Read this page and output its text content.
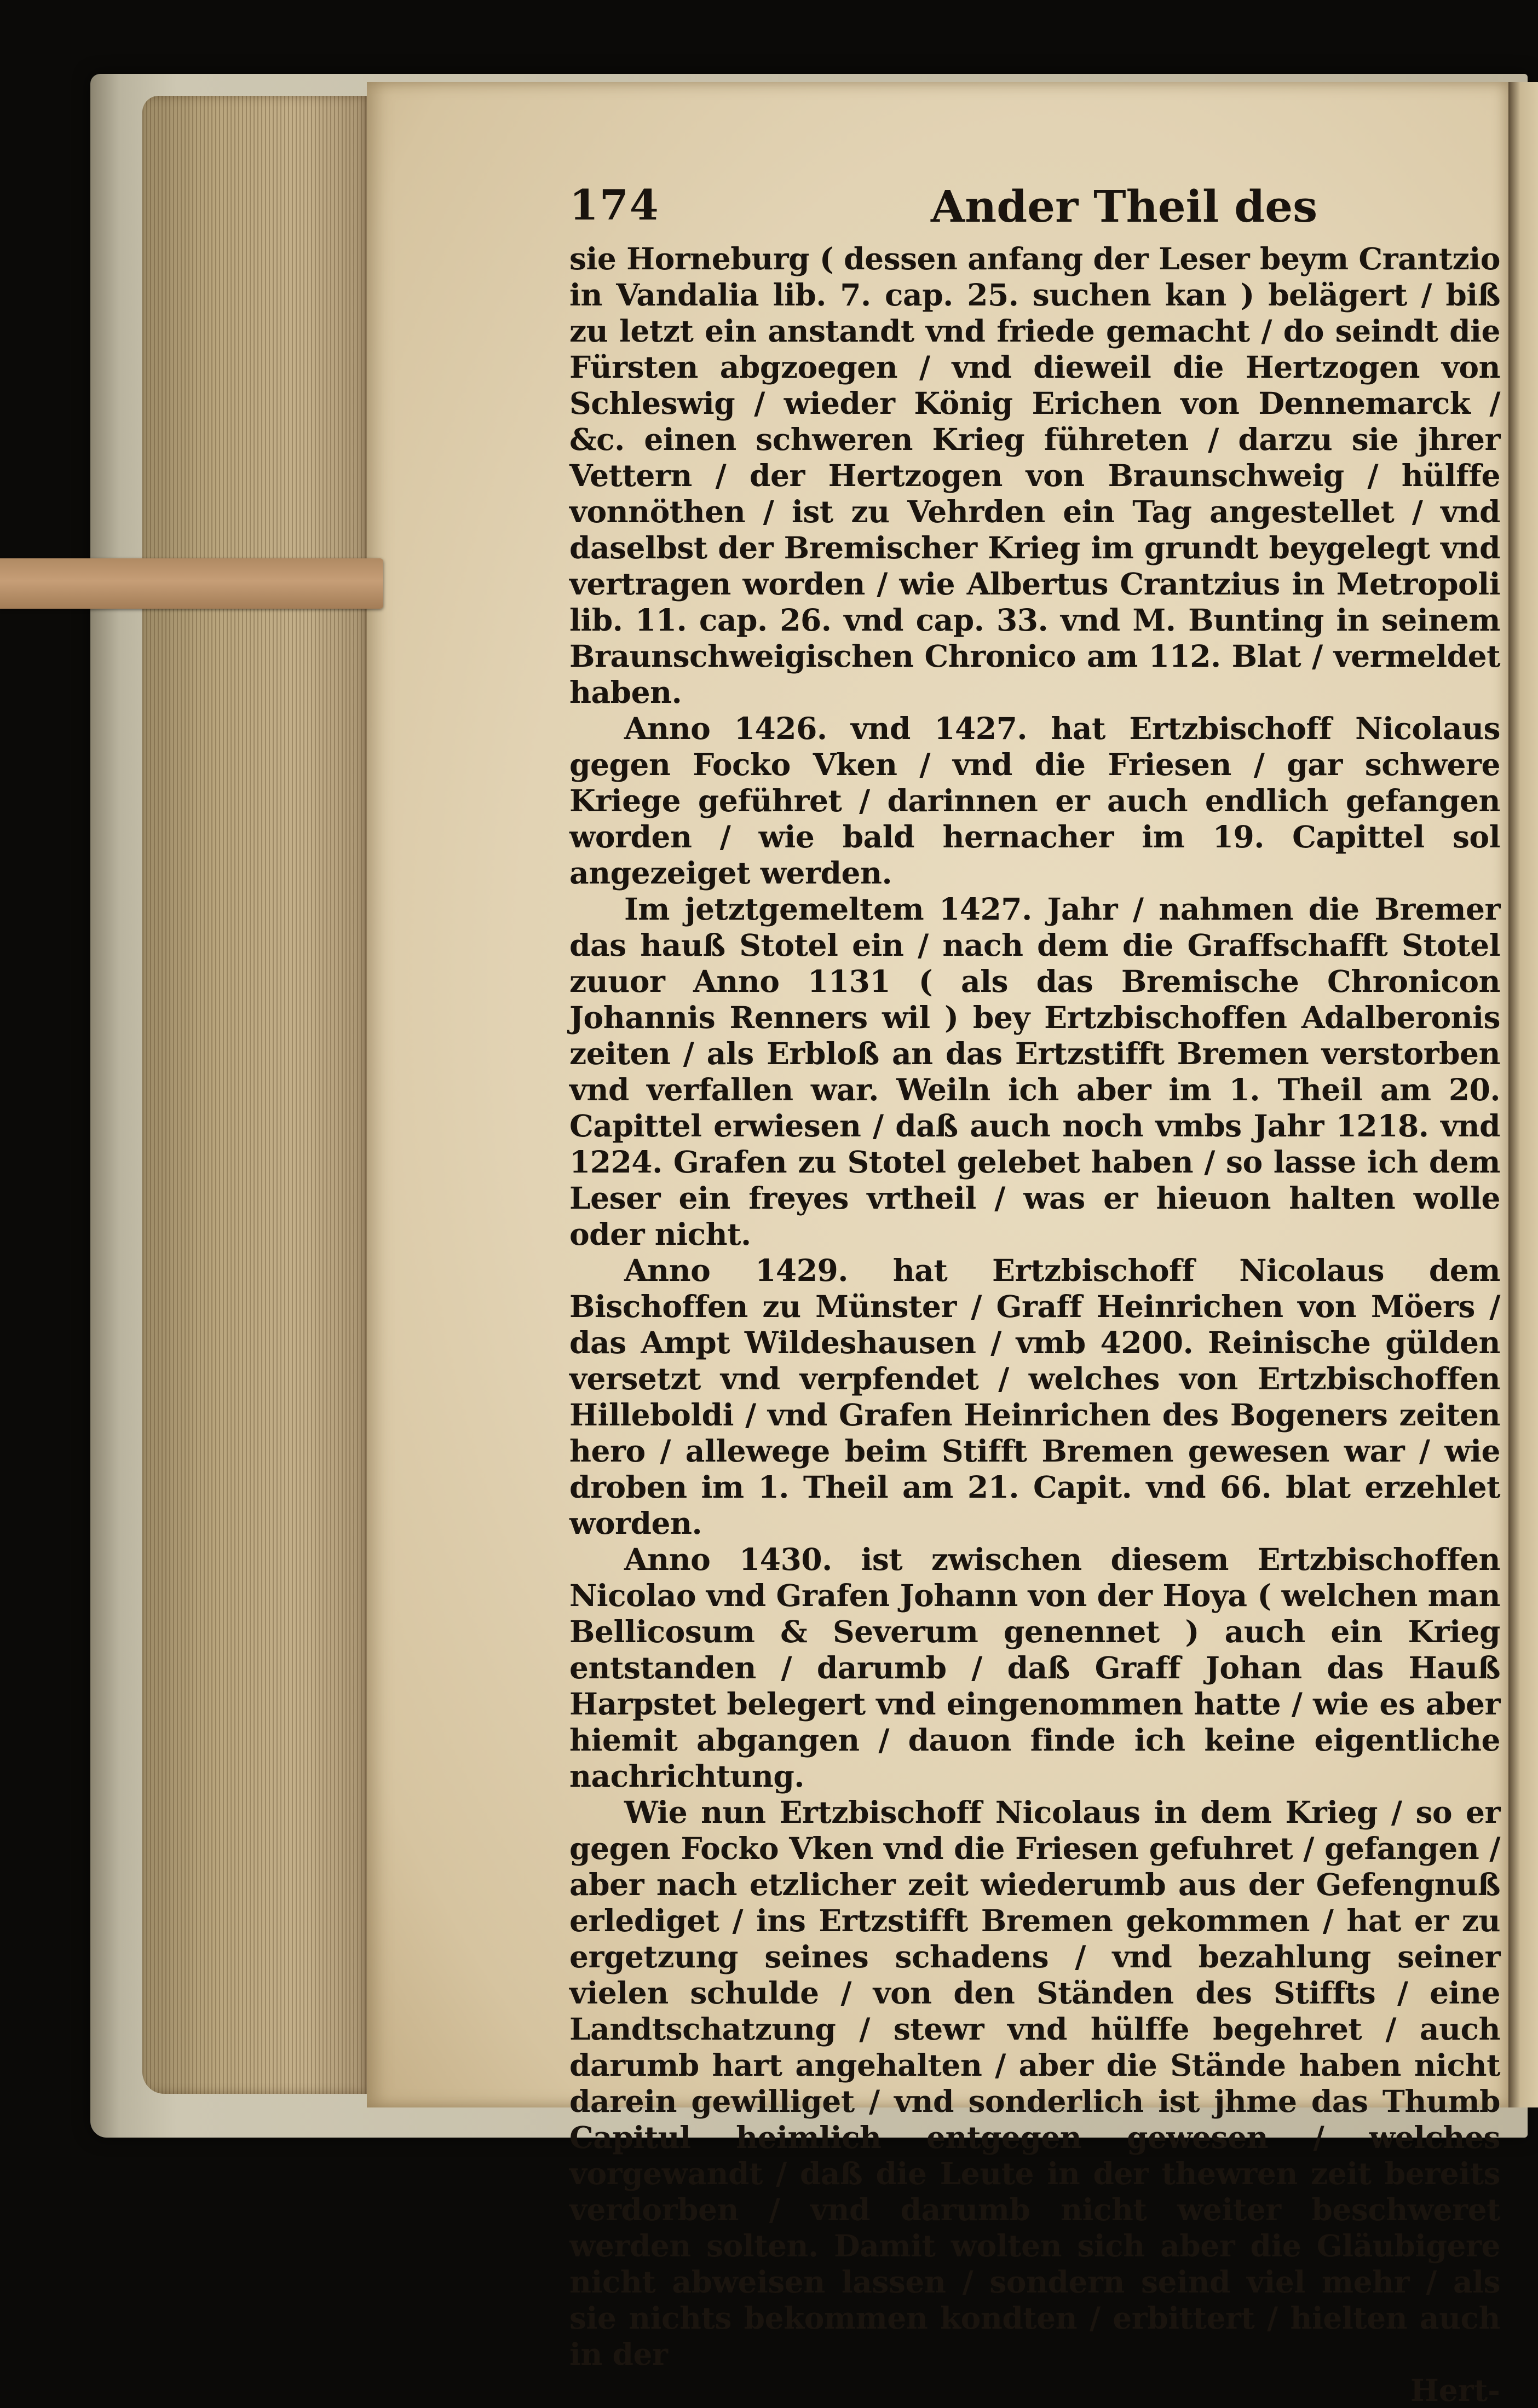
174	Ander Theil des

sie Horneburg ( dessen anfang der Leser beym Crantzio in Vandalia lib. 7. cap. 25. suchen kan ) belägert / biß zu letzt ein anstandt vnd friede gemacht / do seindt die Fürsten abgzoegen / vnd dieweil die Hertzogen von Schleswig / wieder König Erichen von Dennemarck / &c. einen schweren Krieg führeten / darzu sie jhrer Vettern / der Hertzogen von Braunschweig / hülffe vonnöthen / ist zu Vehrden ein Tag angestellet / vnd daselbst der Bremischer Krieg im grundt beygelegt vnd vertragen worden / wie Albertus Crantzius in Metropoli lib. 11. cap. 26. vnd cap. 33. vnd M. Bunting in seinem Braunschweigischen Chronico am 112. Blat / vermeldet haben.

Anno 1426. vnd 1427. hat Ertzbischoff Nicolaus gegen Focko Vken / vnd die Friesen / gar schwere Kriege geführet / darinnen er auch endlich gefangen worden / wie bald hernacher im 19. Capittel sol angezeiget werden.

Im jetztgemeltem 1427. Jahr / nahmen die Bremer das hauß Stotel ein / nach dem die Graffschafft Stotel zuuor Anno 1131 ( als das Bremische Chronicon Johannis Renners wil ) bey Ertzbischoffen Adalberonis zeiten / als Erbloß an das Ertzstifft Bremen verstorben vnd verfallen war. Weiln ich aber im 1. Theil am 20. Capittel erwiesen / daß auch noch vmbs Jahr 1218. vnd 1224. Grafen zu Stotel gelebet haben / so lasse ich dem Leser ein freyes vrtheil / was er hieuon halten wolle oder nicht.

Anno 1429. hat Ertzbischoff Nicolaus dem Bischoffen zu Münster / Graff Heinrichen von Möers / das Ampt Wildeshausen / vmb 4200. Reinische gülden versetzt vnd verpfendet / welches von Ertzbischoffen Hilleboldi / vnd Grafen Heinrichen des Bogeners zeiten hero / allewege beim Stifft Bremen gewesen war / wie droben im 1. Theil am 21. Capit. vnd 66. blat erzehlet worden.

Anno 1430. ist zwischen diesem Ertzbischoffen Nicolao vnd Grafen Johann von der Hoya ( welchen man Bellicosum & Severum genennet ) auch ein Krieg entstanden / darumb / daß Graff Johan das Hauß Harpstet belegert vnd eingenommen hatte / wie es aber hiemit abgangen / dauon finde ich keine eigentliche nachrichtung.

Wie nun Ertzbischoff Nicolaus in dem Krieg / so er gegen Focko Vken vnd die Friesen gefuhret / gefangen / aber nach etzlicher zeit wiederumb aus der Gefengnuß erlediget / ins Ertzstifft Bremen gekommen / hat er zu ergetzung seines schadens / vnd bezahlung seiner vielen schulde / von den Ständen des Stiffts / eine Landtschatzung / stewr vnd hülffe begehret / auch darumb hart angehalten / aber die Stände haben nicht darein gewilliget / vnd sonderlich ist jhme das Thumb Capitul heimlich entgegen gewesen / welches vorgewandt / daß die Leute in der thewren zeit bereits verdorben / vnd darumb nicht weiter beschweret werden solten. Damit wolten sich aber die Gläubigere nicht abweisen lassen / sondern seind viel mehr / als sie nichts bekommen kondten / erbittert / hielten auch in der

Hert-
